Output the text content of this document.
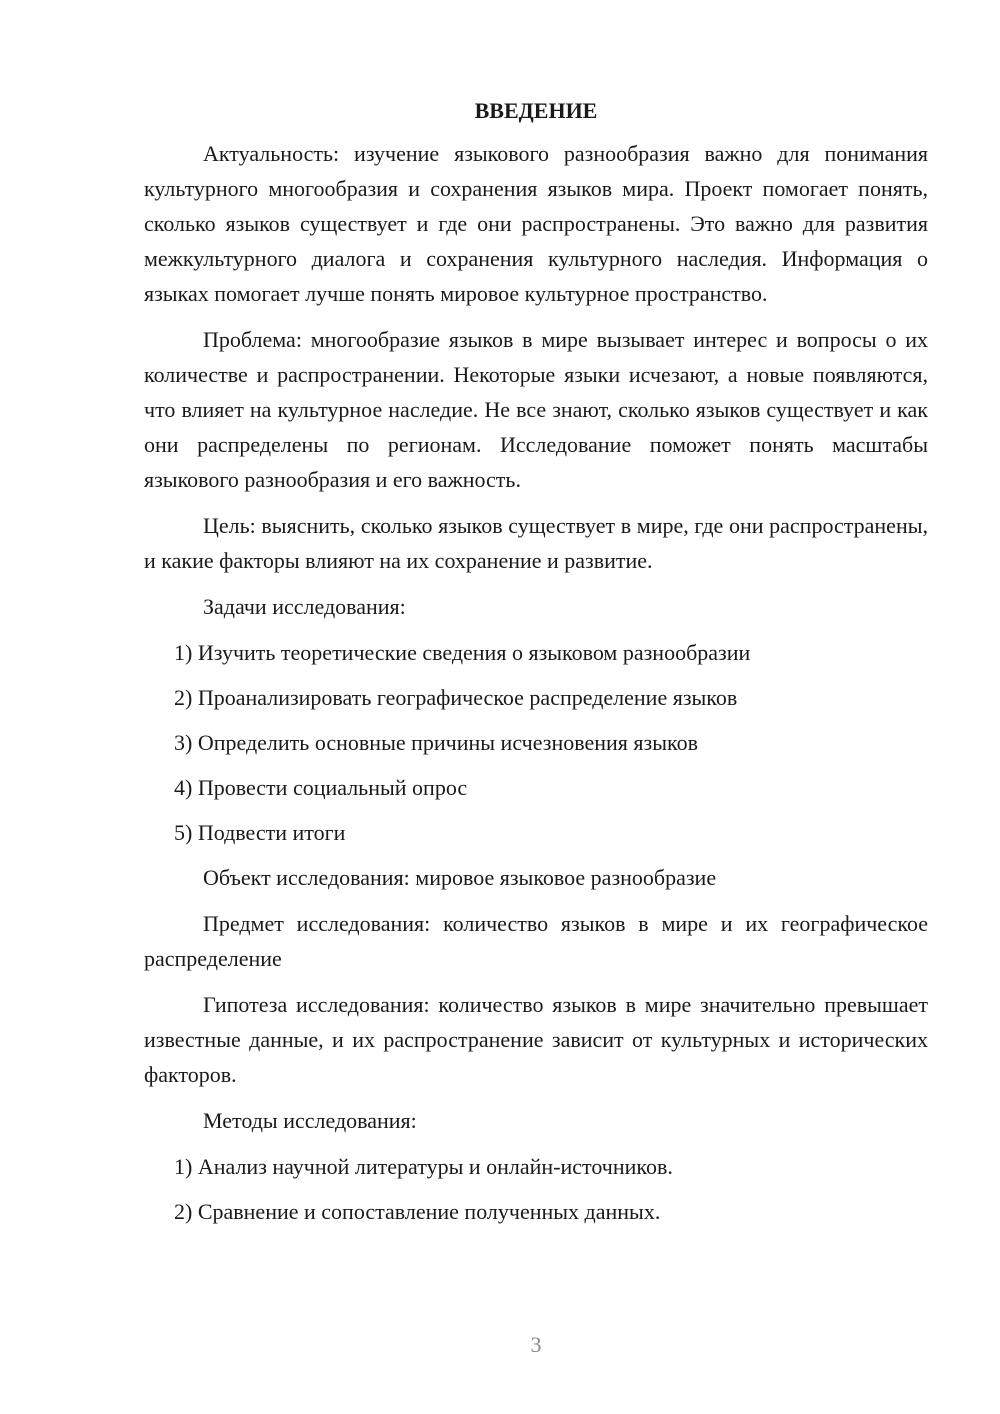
ВВЕДЕНИЕ

Актуальность: изучение языкового разнообразия важно для понимания культурного многообразия и сохранения языков мира. Проект помогает понять, сколько языков существует и где они распространены. Это важно для развития межкультурного диалога и сохранения культурного наследия. Информация о языках помогает лучше понять мировое культурное пространство.

Проблема: многообразие языков в мире вызывает интерес и вопросы о их количестве и распространении. Некоторые языки исчезают, а новые появляются, что влияет на культурное наследие. Не все знают, сколько языков существует и как они распределены по регионам. Исследование поможет понять масштабы языкового разнообразия и его важность.

Цель: выяснить, сколько языков существует в мире, где они распространены, и какие факторы влияют на их сохранение и развитие.

Задачи исследования:

1) Изучить теоретические сведения о языковом разнообразии

2) Проанализировать географическое распределение языков

3) Определить основные причины исчезновения языков

4) Провести социальный опрос

5) Подвести итоги

Объект исследования: мировое языковое разнообразие

Предмет исследования: количество языков в мире и их географическое распределение

Гипотеза исследования: количество языков в мире значительно превышает известные данные, и их распространение зависит от культурных и исторических факторов.

Методы исследования:

1) Анализ научной литературы и онлайн-источников.

2) Сравнение и сопоставление полученных данных.

3
